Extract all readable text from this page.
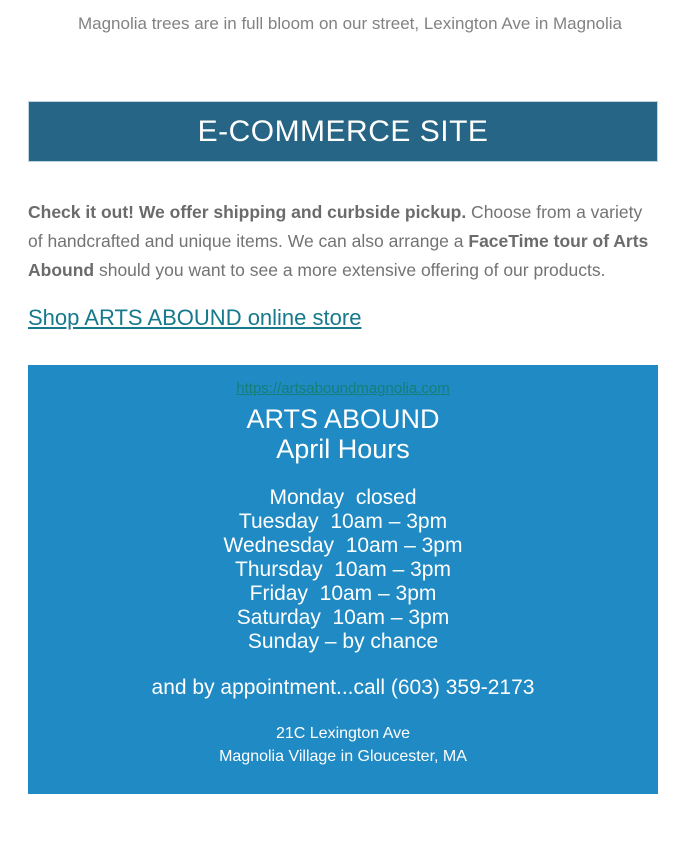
Magnolia trees are in full bloom on our street, Lexington Ave in Magnolia

E-COMMERCE SITE

Check it out! We offer shipping and curbside pickup. Choose from a variety of handcrafted and unique items. We can also arrange a FaceTime tour of Arts Abound should you want to see a more extensive offering of our products.

Shop ARTS ABOUND online store
https://artsaboundmagnolia.com
ARTS ABOUND
April Hours
Monday  closed
Tuesday  10am – 3pm
Wednesday  10am – 3pm
Thursday  10am – 3pm
Friday  10am – 3pm
Saturday  10am – 3pm
Sunday – by chance
and by appointment...call (603) 359-2173
21C Lexington Ave
Magnolia Village in Gloucester, MA
